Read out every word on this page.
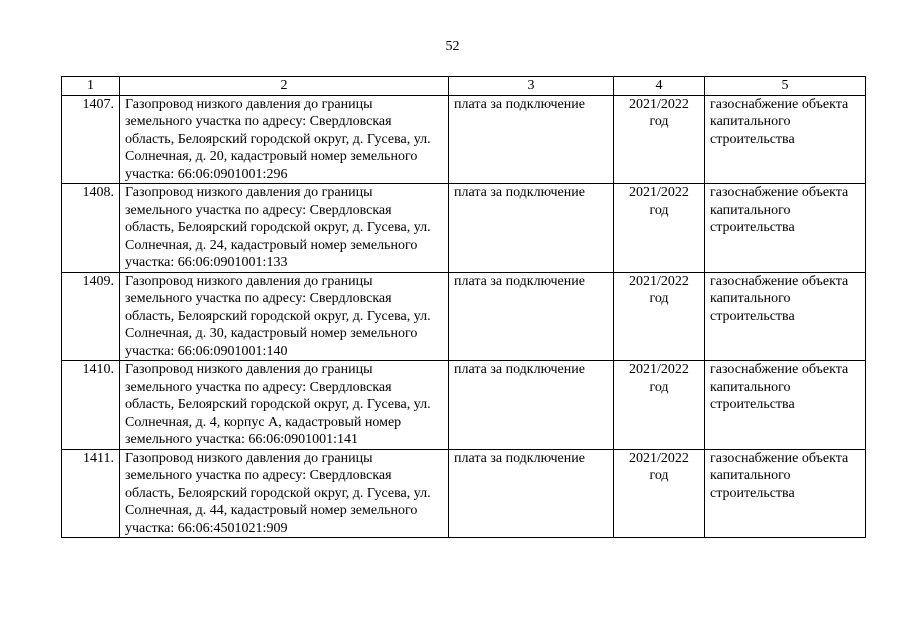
52
1	2	3	4	5
1407.	Газопровод низкого давления до границы земельного участка по адресу: Свердловская область, Белоярский городской округ, д. Гусева, ул. Солнечная, д. 20, кадастровый номер земельного участка: 66:06:0901001:296	плата за подключение	2021/2022 год	газоснабжение объекта капитального строительства
1408.	Газопровод низкого давления до границы земельного участка по адресу: Свердловская область, Белоярский городской округ, д. Гусева, ул. Солнечная, д. 24, кадастровый номер земельного участка: 66:06:0901001:133	плата за подключение	2021/2022 год	газоснабжение объекта капитального строительства
1409.	Газопровод низкого давления до границы земельного участка по адресу: Свердловская область, Белоярский городской округ, д. Гусева, ул. Солнечная, д. 30, кадастровый номер земельного участка: 66:06:0901001:140	плата за подключение	2021/2022 год	газоснабжение объекта капитального строительства
1410.	Газопровод низкого давления до границы земельного участка по адресу: Свердловская область, Белоярский городской округ, д. Гусева, ул. Солнечная, д. 4, корпус А, кадастровый номер земельного участка: 66:06:0901001:141	плата за подключение	2021/2022 год	газоснабжение объекта капитального строительства
1411.	Газопровод низкого давления до границы земельного участка по адресу: Свердловская область, Белоярский городской округ, д. Гусева, ул. Солнечная, д. 44, кадастровый номер земельного участка: 66:06:4501021:909	плата за подключение	2021/2022 год	газоснабжение объекта капитального строительства
